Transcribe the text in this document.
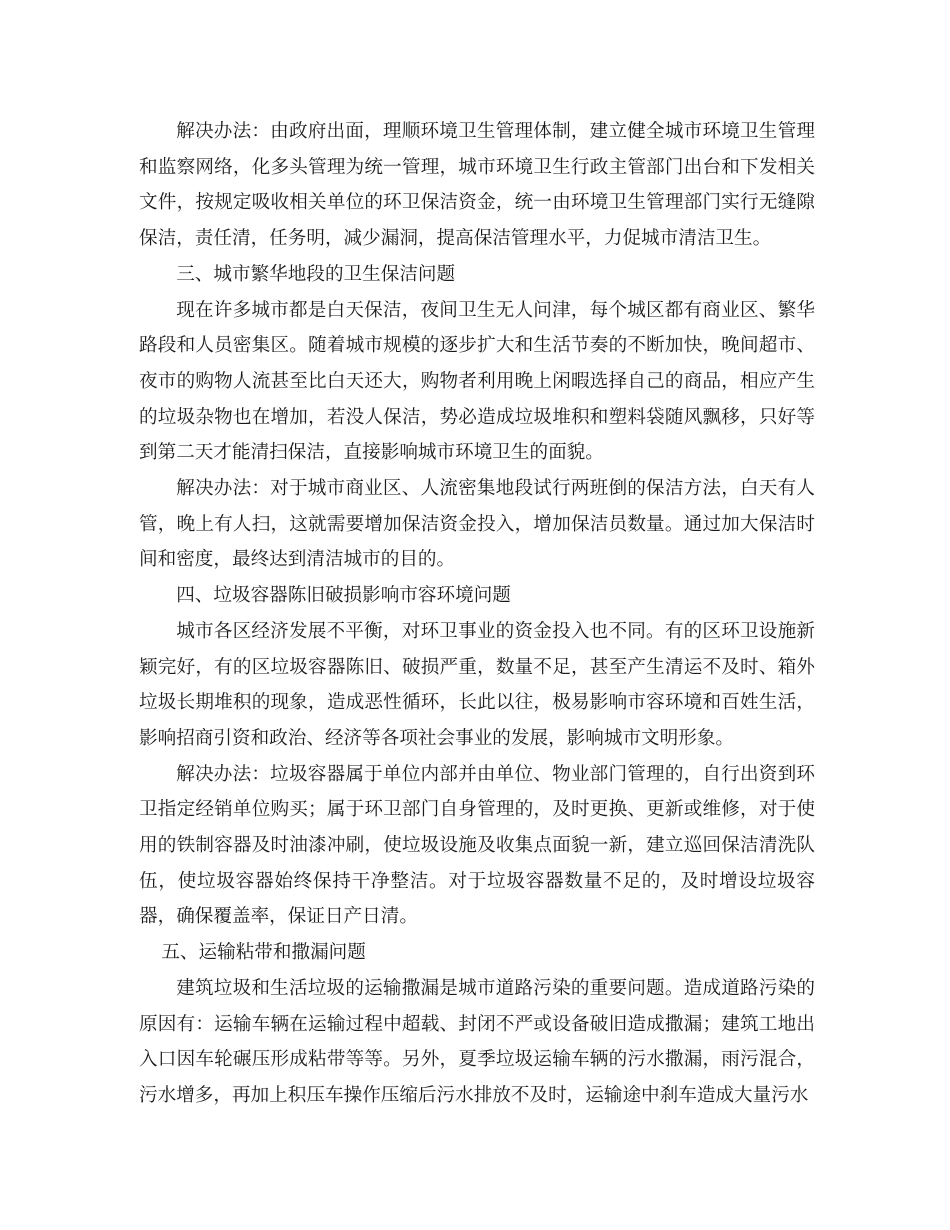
解决办法：由政府出面，理顺环境卫生管理体制，建立健全城市环境卫生管理和监察网络，化多头管理为统一管理，城市环境卫生行政主管部门出台和下发相关文件，按规定吸收相关单位的环卫保洁资金，统一由环境卫生管理部门实行无缝隙保洁，责任清，任务明，减少漏洞，提高保洁管理水平，力促城市清洁卫生。

三、城市繁华地段的卫生保洁问题

现在许多城市都是白天保洁，夜间卫生无人问津，每个城区都有商业区、繁华路段和人员密集区。随着城市规模的逐步扩大和生活节奏的不断加快，晚间超市、夜市的购物人流甚至比白天还大，购物者利用晚上闲暇选择自己的商品，相应产生的垃圾杂物也在增加，若没人保洁，势必造成垃圾堆积和塑料袋随风飘移，只好等到第二天才能清扫保洁，直接影响城市环境卫生的面貌。

解决办法：对于城市商业区、人流密集地段试行两班倒的保洁方法，白天有人管，晚上有人扫，这就需要增加保洁资金投入，增加保洁员数量。通过加大保洁时间和密度，最终达到清洁城市的目的。

四、垃圾容器陈旧破损影响市容环境问题

城市各区经济发展不平衡，对环卫事业的资金投入也不同。有的区环卫设施新颖完好，有的区垃圾容器陈旧、破损严重，数量不足，甚至产生清运不及时、箱外垃圾长期堆积的现象，造成恶性循环，长此以往，极易影响市容环境和百姓生活，影响招商引资和政治、经济等各项社会事业的发展，影响城市文明形象。

解决办法：垃圾容器属于单位内部并由单位、物业部门管理的，自行出资到环卫指定经销单位购买；属于环卫部门自身管理的，及时更换、更新或维修，对于使用的铁制容器及时油漆冲刷，使垃圾设施及收集点面貌一新，建立巡回保洁清洗队伍，使垃圾容器始终保持干净整洁。对于垃圾容器数量不足的，及时增设垃圾容器，确保覆盖率，保证日产日清。

五、运输粘带和撒漏问题

建筑垃圾和生活垃圾的运输撒漏是城市道路污染的重要问题。造成道路污染的原因有：运输车辆在运输过程中超载、封闭不严或设备破旧造成撒漏；建筑工地出入口因车轮碾压形成粘带等等。另外，夏季垃圾运输车辆的污水撒漏，雨污混合，污水增多，再加上积压车操作压缩后污水排放不及时，运输途中刹车造成大量污水
